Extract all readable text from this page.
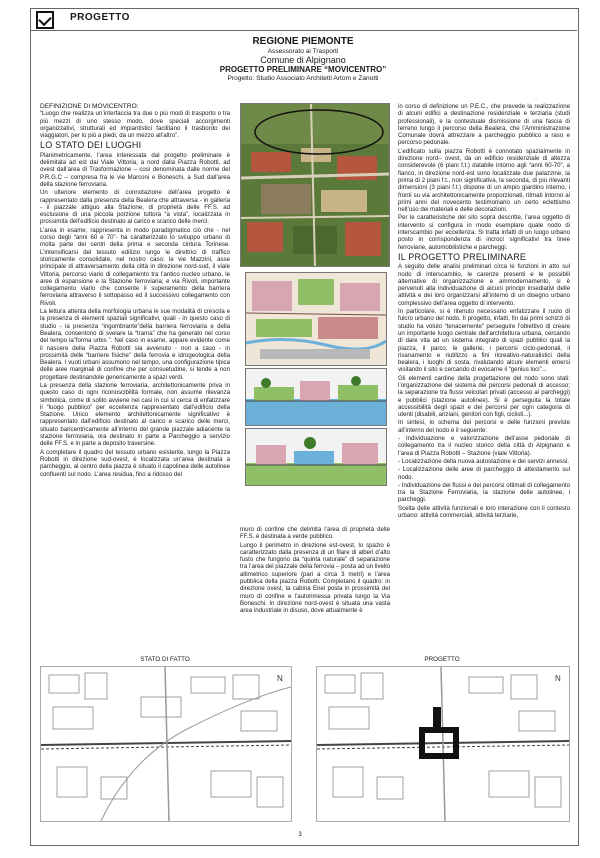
PROGETTO
REGIONE PIEMONTE
Assessorato ai Trasporti
Comune di Alpignano
PROGETTO PRELIMINARE “MOVICENTRO”
Progetto: Studio Associato Architetti Artom e Zanotti
DEFINIZIONE DI MOVICENTRO:

“Luogo che realizza un’interfaccia tra due o più modi di trasporto o tra più mezzi di uno stesso modo, dove speciali accorgimenti organizzativi, strutturali ed impiantistici facilitano il trasbordo dei viaggiatori, per lo più a piedi, da un mezzo all’altro”.

LO STATO DEI LUOGHI

Planimetricamente, l’area interessata dal progetto preliminare è delimitata ad est dal Viale Vittoria, a nord dalla Piazza Robotti, ad ovest dall’area di Trasformazione – così denominata dalle norme del P.R.G.C – compresa fra le vie Marconi e Boneschi, a Sud dall’area della stazione ferroviaria.

Un ulteriore elemento di connotazione dell’area progetto è rappresentato dalla presenza della Bealera che attraversa - in galleria - il piazzale attiguo alla Stazione, di proprietà delle FF.S. ad esclusione di una piccola porzione tuttora “a vista”, localizzata in prossimità dell’edificio destinato al carico e scarico delle merci.

L’area in esame, rappresenta in modo paradigmatico ciò che - nel corso degli “anni 60 e 70”- ha caratterizzato lo sviluppo urbano di molta parte dei centri della prima e seconda cintura Torinese. L’intensificarsi del tessuto edilizio lungo le direttrici di traffico storicamente consolidate, nel nostro caso: le vie Mazzini, asse principale di attraversamento della città in direzione nord-sud, il viale Vittoria, percorso viario di collegamento tra l’antico nucleo urbano, le aree di espansione e la Stazione ferroviaria; e via Rivoli, importante collegamento viario che consente il superamento della barriera ferroviaria attraverso il sottopasso ed il successivo collegamento con Rivoli.

La lettura attenta della morfologia urbana le sue modalità di crescita e la presenza di elementi spaziali significativi, quali - in questo caso di studio - la presenza “ingombrante”della barriera ferroviaria e della Bealera, consentono di svelare la “trama” che ha generato nel corso del tempo la”forma urbis ”. Nel caso in esame, appare evidente come il nascere della Piazza Robotti sia avvenuto - non a caso - in prossimità delle “barriere fisiche” della ferrovia e idrogeologica della Bealera. I vuoti urbani assumono nel tempo, una configurazione tipica delle aree marginali di confine che per consuetudine, si tende a non progettare destinandole genericamente a spazi verdi.

La presenza della stazione ferroviaria, architettonicamente priva in questo caso di ogni riconoscibilità formale, non assume rilevanza simbolica, come di solito avviene nei casi in cui si cerca di enfatizzare il “luogo pubblico” per eccellenza rappresentato dall’edificio della Stazione. Unico elemento architettonicamente significativo è rappresentato dall’edificio destinato al carico e scarico delle merci, situato baricentricamente all’interno del grande piazzale adiacente la stazione ferroviaria, ora destinato in parte a Parcheggio a servizio delle FF.S. e in parte a deposito traversine.

A completare il quadro del tessuto urbano esistente, lungo la Piazza Robotti in direzione sud-ovest, è localizzata un’area destinata a parcheggio, al centro della piazza è situato il capolinea delle autolinee confluenti sul nodo. L’area residua, fino a ridosso del

muro di confine che delimita l’area di proprietà delle FF.S. è destinata a verde pubblico.

Lungo il perimetro in direzione est-ovest, lo spazio è caratterizzato dalla presenza di un filare di alberi d’alto fusto che fungono da “quinta naturale” di separazione tra l’area del piazzale della ferrovia – posta ad un livello altimetrico superiore (pari a circa 3 metri) e l’area pubblica della piazza Robotti. Completano il quadro: in direzione ovest, la cabina Enel posta in prossimità del muro di confine e l’autorimessa privata lungo la Via Boneschi. In direzione nord-ovest è situata una vasta area industriale in disuso, dove attualmente è

in corso di definizione un P.E.C., che prevede la realizzazione di alcuni edifici a destinazione residenziale e terziaria (studi professionali), e la contestuale dismissione di una fascia di terreno lungo il percorso della Bealera, che l’Amministrazione Comunale dovrà attrezzare a parcheggio pubblico a raso e percorso pedonale.

L’edificato sulla piazza Robotti è connotato spazialmente in direzione nord– ovest, da un edificio residenziale di altezza considerevole (6 piani f.t.) databile intorno agli “anni 60-70”, a fianco, in direzione nord-est sono localizzate due palazzine, la prima di 2 piani f.t., non significativa, la seconda, di più rilevanti dimensioni (3 piani f.t.) dispone di un ampio giardino interno, i fronti su via architettonicamente proporzionati, ritmati intorno ai primi anni del novecento testimoniano un certo eclettismo nell’uso dei materiali e delle decorazioni.

Per le caratteristiche del sito sopra descritte, l’area oggetto di intervento si configura in modo esemplare quale nodo di interscambio per eccellenza. Si tratta infatti di un luogo urbano posto in corrispondenza di incroci significativi tra linee ferroviarie, automobilistiche e parcheggi.

IL PROGETTO PRELIMINARE

A seguito delle analisi preliminari circa le funzioni in atto sul nodo di interscambio, le carenze presenti e le possibili alternative di organizzazione e ammodernamento, si è pervenuti alla individuazione di alcuni principi insediativi delle attività e dei loro organizzarsi all’interno di un disegno urbano complessivo dell’area oggetto di intervento.

In particolare, si è ritenuto necessario enfatizzare il ruolo di fulcro urbano del nodo. Il progetto, infatti, fin dai primi schizzi di studio ha voluto “tenacemente” perseguire l’obiettivo di creare un importante luogo centrale dell’architettura urbana, cercando di dare vita ad un sistema integrato di spazi pubblici quali la piazza, il parco, le gallerie, i percorsi ciclo-pedonali, il risanamento e riutilizzo a fini ricreativo-naturalistici della bealera, i luoghi di sosta, rivalutando alcuni elementi emersi visitando il sito e cercando di evocarne il “genius loci”...

Gli elementi cardine della progettazione del nodo sono stati: l’organizzazione del sistema dei percorsi pedonali di accesso; la separazione tra flussi veicolari privati (accesso ai parcheggi) e pubblici (stazione autolinee). Si è perseguita la totale accessibilità degli spazi e dei percorsi per ogni categoria di utenti (disabili, anziani, genitori con figli, ciclisti...).

In sintesi, lo schema dei percorsi e delle funzioni previste all’interno del nodo è il seguente:

- Individuazione e valorizzazione dell’asse pedonale di collegamento tra il nucleo storico della città di Alpignano e l’area di Piazza Robotti – Stazione (viale Vittoria).

- Localizzazione della nuova autostazione e dei servizi annessi.

- Localizzazione delle aree di parcheggio di attestamento sul nodo.

- Individuazione dei flussi e dei percorsi ottimali di collegamento tra la Stazione Ferroviaria, la stazione delle autolinee, i parcheggi.

Scelta delle attività funzionali e loro interazione con il contesto urbano: attività commerciali, attività terziarie,

STATO DI FATTO	PROGETTO
N	N
3
